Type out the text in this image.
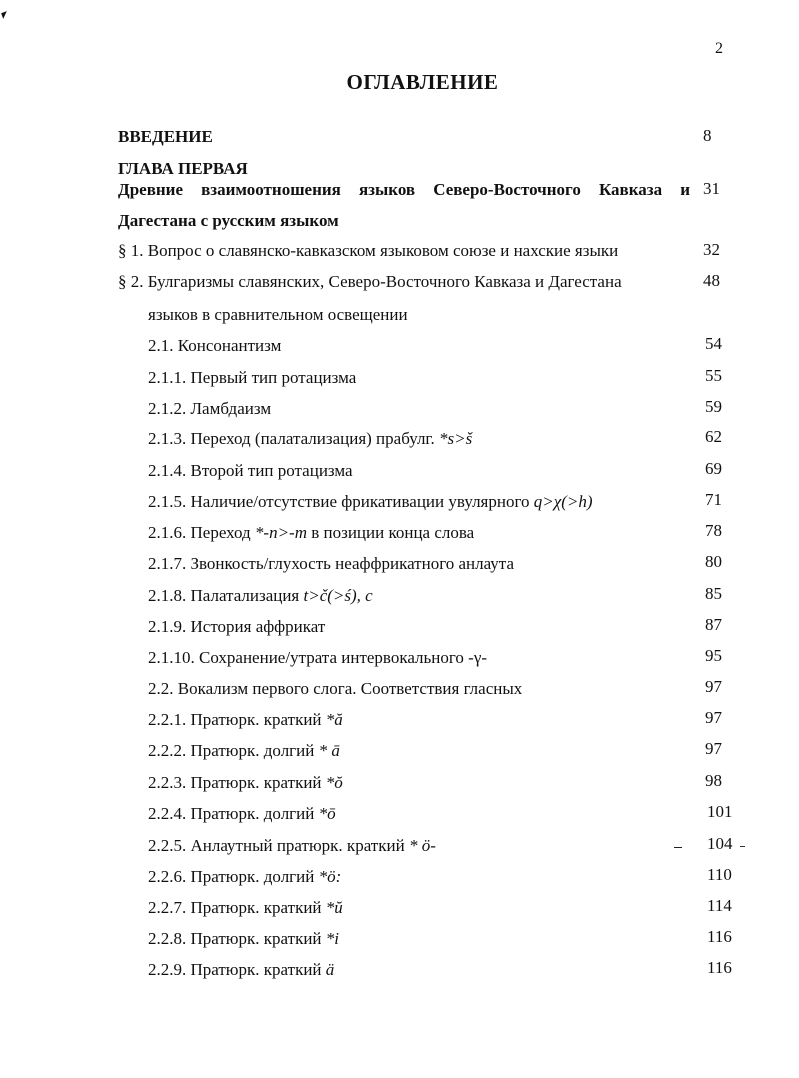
2
ОГЛАВЛЕНИЕ
ВВЕДЕНИЕ	8
ГЛАВА ПЕРВАЯ
Древние взаимоотношения языков Северо-Восточного Кавказа и 31
Дагестана с русским языком
§ 1. Вопрос о славянско-кавказском языковом союзе и нахские языки	32
§ 2. Булгаризмы славянских, Северо-Восточного Кавказа и Дагестана	48
языков в сравнительном освещении
2.1. Консонантизм	54
2.1.1. Первый тип ротацизма	55
2.1.2. Ламбдаизм	59
2.1.3. Переход (палатализация) прабулг. *s>š	62
2.1.4. Второй тип ротацизма	69
2.1.5. Наличие/отсутствие фрикативации увулярного q>χ(>h)	71
2.1.6. Переход *-n>-m в позиции конца слова	78
2.1.7. Звонкость/глухость неаффрикатного анлаута	80
2.1.8. Палатализация t>č(>ś), c	85
2.1.9. История аффрикат	87
2.1.10. Сохранение/утрата интервокального -γ-	95
2.2. Вокализм первого слога. Соответствия гласных	97
2.2.1. Пратюрк. краткий *ă	97
2.2.2. Пратюрк. долгий * ā	97
2.2.3. Пратюрк. краткий *ŏ	98
2.2.4. Пратюрк. долгий *ō	101
2.2.5. Анлаутный пратюрк. краткий * ö-	104
2.2.6. Пратюрк. долгий *ö:	110
2.2.7. Пратюрк. краткий *ŭ	114
2.2.8. Пратюрк. краткий *i	116
2.2.9. Пратюрк. краткий ä	116
